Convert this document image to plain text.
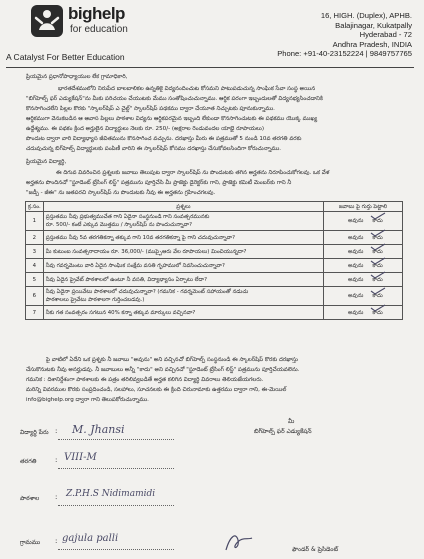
bighelp
for education
A Catalyst For Better Education
16, HIGH. (Duplex), APHB.
Balajinagar, Kukatpally
Hyderabad - 72
Andhra Pradesh, INDIA
Phone: +91-40-23152224 | 9849757765
ప్రియమైన ప్రధానోపాధ్యాయుల లేక గ్రామాధికారి,
భారతదేశములోని నిరుపేద బాలబాలికల ఉన్నతికై విద్యనందించుట కోసమని పాటుపడుచున్న సాంఘిక సేవా సంస్థ అయిన
"బిగ్‌హెల్ప్ ఫర్ ఎడ్యుకేషన్"ను మీకు పరిచయం చేయుటకు మేము సంతోషించుచున్నాము. ఆర్థిక పరంగా ఇబ్బందులతో విద్యనభ్యసించడానికి
కొనసాగించలేని పిల్లల కొరకు "స్కాలర్‌షిప్ ఎ చైల్డ్" స్కాలర్‌షిప్ పథకము ద్వారా చేయూత నిచ్చుటకు పూనుకున్నాము.
ఆర్థికముగా వెనుకబడిన ఆ ఆవాస పిల్లలు పాఠశాల విద్యను ఆర్థికపరమైన ఇబ్బంది లేకుండా కొనసాగించుటకు ఈ పథకము యొక్క ముఖ్య
ఉద్దేశ్యము. ఈ పథకం క్రింద అర్హులైన విద్యార్థులు నెలకు రూ. 250/- (అక్షరాల రెండువందల యాభై రూపాయలు)
పొందుట ద్వారా వారి విద్యాభ్యాస జీవితమును కొనసాగించ వచ్చును. దరఖాస్తు మీరు ఈ పత్రముతో 5 నుండి 10వ తరగతి వరకు
చదువుచున్న బిగ్‌హెల్ప్ విద్యార్థులకు పంపిణీ వారిని ఈ స్కాలర్‌షిప్ కోసము దరఖాస్తు చేసుకోవలసిందిగా కోరుచున్నాము.
ప్రియమైన విద్యార్థి,
ఈ దిగువ వివరించిన ప్రశ్నలకు జవాబు తెలుపుట ద్వారా స్కాలర్‌షిప్ ను పొందుటకు తగిన అర్హతను నిరూపించుకోగలవు. ఒక వేళ
అర్హతను పొందినచో "స్టూడెంట్ ట్రేసింగ్ లిస్ట్" పత్రమును పూర్తిచేసి మీ ప్రాజెక్టు డైరెక్టర్‌కు గాని, ప్రాజెక్టు కమిటీ మెంబర్‌కు గాని నీ
"జడ్పీ - జీఈ" ను జతపరచి స్కాలర్‌షిప్ ను పొందుటకు నీవు ఈ అర్హతను గ్రహించగలవు.
క్ర.సం.	ప్రశ్నలు	జవాబు పై గుర్తు పెట్టాలి
1	ప్రస్తుతము నీవు ప్రభుత్వముచేత గాని ఏదైనా సంస్థనుండి గాని సంవత్సరమునకు
రూ. 500/- కంటే ఎక్కువ మొత్తము / స్కాలర్‌షిప్ ను పొందుచున్నావా?	అవును కాదు

2	ప్రస్తుతము నీవు 5వ తరగతికన్నా తక్కువ గాని 10వ తరగతికన్నా పై గాని చదువుచున్నావా?	అవును కాదు

3	మీ కుటుంబ సంవత్సరాదాయం రూ. 36,000/- (ముప్పైఆరు వేల రూపాయలు) మించియున్నదా?	అవును కాదు

4	నీవు గవర్నమెంటు వారి ఏదైన సాంఘిక సంక్షేమ వసతి గృహములో నివసించుచున్నావా?	అవును కాదు

5	నీవు ఏదైన ప్రైవేట్ పాఠశాలలో ఉంటూ నీ వసతి, విద్యాభ్యాసం ఏర్పాటు లేదా?	అవును కాదు

6	నీవు ఏదైనా ప్రయివేటు పాఠశాలలో చదువుచున్నావా? (గమనిక - గవర్నమెంట్ సహాయంతో నడుచు
పాఠశాలలు ప్రైవేటు పాఠశాలగా గుర్తించబడవు.)	అవును కాదు

7	నీకు గత సంవత్సరం సగటున 40% కన్నా తక్కువ మార్కులు వచ్చినవా?	అవును కాదు
పై వాటిలో ఏదేని ఒక ప్రశ్నకు నీ జవాబు "అవును" అని వచ్చినచో బిగ్‌హెల్ప్ సంస్థనుండి ఈ స్కాలర్‌షిప్ కొరకు దరఖాస్తు
చేసుకొనుటకు నీవు అనర్హుడవు. నీ జవాబులు అన్నీ "కాదు" అని వచ్చినచో "స్టూడెంట్ ట్రేసింగ్ లిస్ట్" పత్రమును పూర్తిచేయవలెను.
గమనిక : దిశానిర్దేశంగా పాఠశాలకు ఈ పత్రం తరిలివ్వబడితే అర్హత కలిగిన విద్యార్థి వివరాలు తెలియజేయగలరు.
మరిన్ని వివరముల కొరకు సంప్రదించండి, సలహాలు, సూచనలకు ఈ క్రింది చిరునామాకు ఉత్తరము ద్వారా గాని, ఈ-మెయిల్
info@bighelp.org ద్వారా గాని తెలుపకోరుచున్నాము.
విద్యార్థి పేరు : M. Jhansi
తరగతి	: VIII-M
పాఠశాల : Z.P.H.S Nidimamidi
గ్రామము : gajula palli
మీ
బిగ్‌హెల్ప్ ఫర్ ఎడ్యుకేషన్
ఫౌండర్ & ప్రెసిడెంట్
